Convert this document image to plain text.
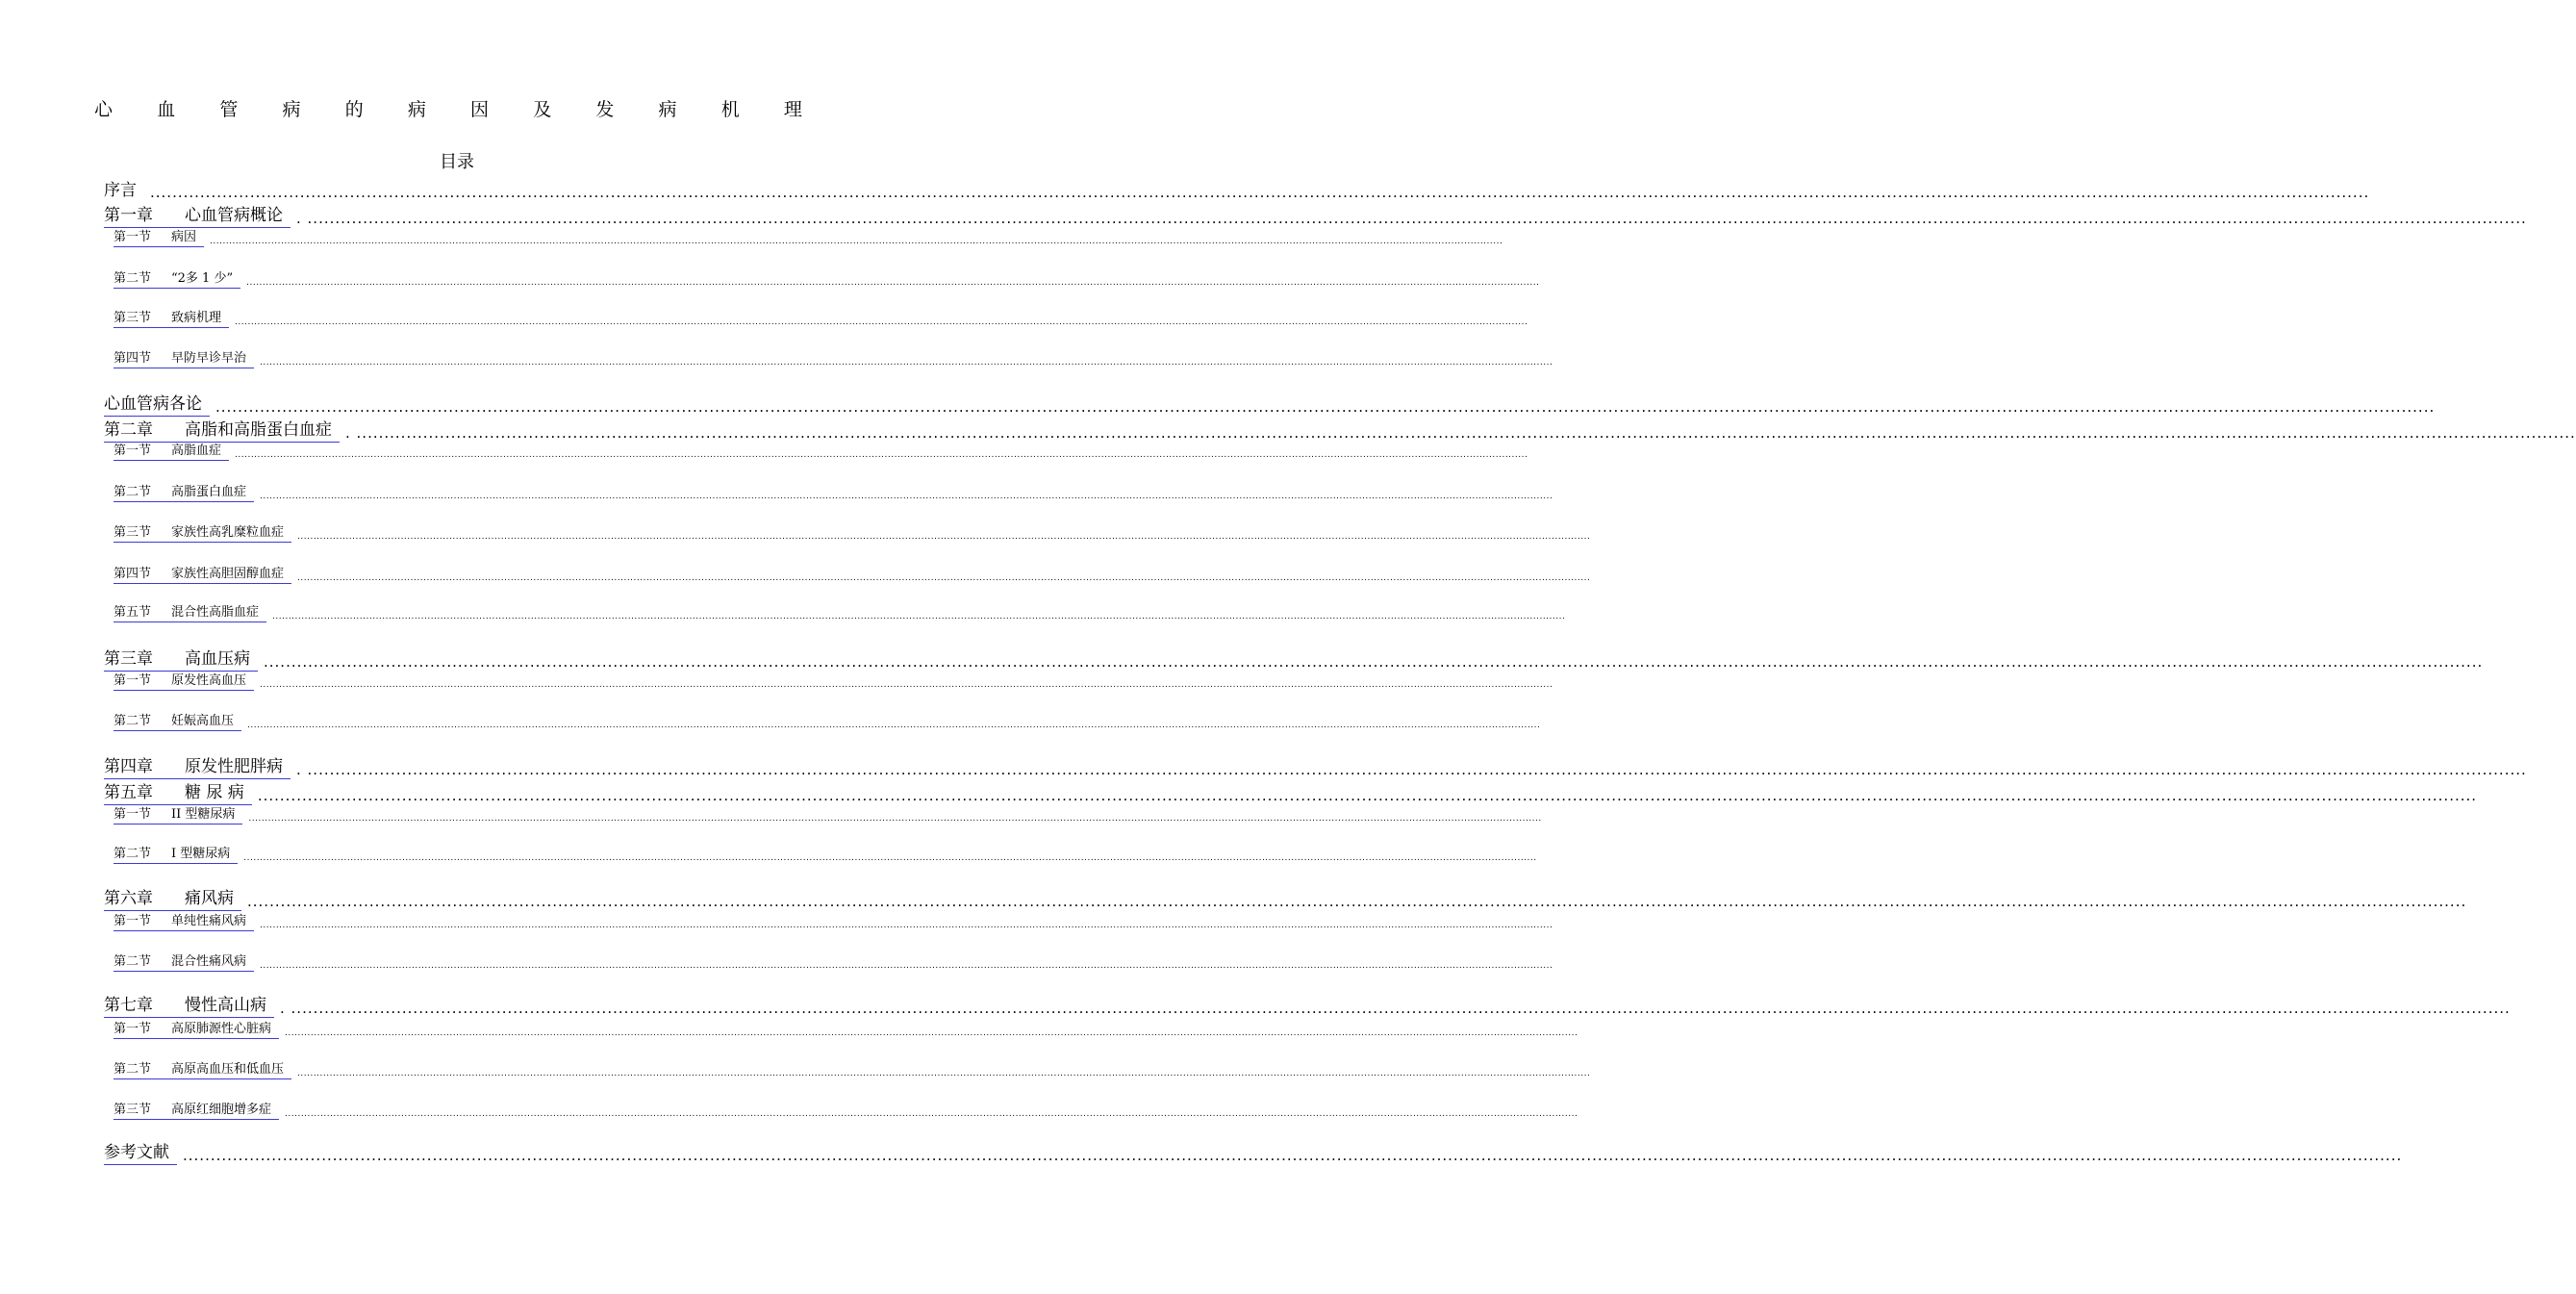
心 血 管 病 的 病 因 及 发 病 机 理
目录
序言 ................................................................................................................................................................................................................................................................................................................................................................................................................
第一章 心血管病概论 . ................................................................................................................................................................................................................................................................................................................................................................................................................
第一节 病因	................................................................................................................................................................................................................................................................................................................................................................................................................
第二节 “2多 1 少”	................................................................................................................................................................................................................................................................................................................................................................................................................
第三节 致病机理	................................................................................................................................................................................................................................................................................................................................................................................................................
第四节 早防早诊早治	................................................................................................................................................................................................................................................................................................................................................................................................................
心血管病各论 ................................................................................................................................................................................................................................................................................................................................................................................................................
第二章 高脂和高脂蛋白血症 . ................................................................................................................................................................................................................................................................................................................................................................................................................
第一节 高脂血症	................................................................................................................................................................................................................................................................................................................................................................................................................
第二节 高脂蛋白血症	................................................................................................................................................................................................................................................................................................................................................................................................................
第三节 家族性高乳糜粒血症	................................................................................................................................................................................................................................................................................................................................................................................................................
第四节 家族性高胆固醇血症	................................................................................................................................................................................................................................................................................................................................................................................................................
第五节 混合性高脂血症	................................................................................................................................................................................................................................................................................................................................................................................................................
第三章 高血压病 ................................................................................................................................................................................................................................................................................................................................................................................................................
第一节 原发性高血压	................................................................................................................................................................................................................................................................................................................................................................................................................
第二节 妊娠高血压	................................................................................................................................................................................................................................................................................................................................................................................................................
第四章 原发性肥胖病 . ................................................................................................................................................................................................................................................................................................................................................................................................................
第五章 糖 尿 病 ................................................................................................................................................................................................................................................................................................................................................................................................................
第一节 II 型糖尿病	................................................................................................................................................................................................................................................................................................................................................................................................................
第二节 I 型糖尿病	................................................................................................................................................................................................................................................................................................................................................................................................................
第六章 痛风病 ................................................................................................................................................................................................................................................................................................................................................................................................................
第一节 单纯性痛风病	................................................................................................................................................................................................................................................................................................................................................................................................................
第二节 混合性痛风病	................................................................................................................................................................................................................................................................................................................................................................................................................
第七章 慢性高山病 . ................................................................................................................................................................................................................................................................................................................................................................................................................
第一节 高原肺源性心脏病	................................................................................................................................................................................................................................................................................................................................................................................................................
第二节 高原高血压和低血压	................................................................................................................................................................................................................................................................................................................................................................................................................
第三节 高原红细胞增多症	................................................................................................................................................................................................................................................................................................................................................................................................................
参考文献 ................................................................................................................................................................................................................................................................................................................................................................................................................
